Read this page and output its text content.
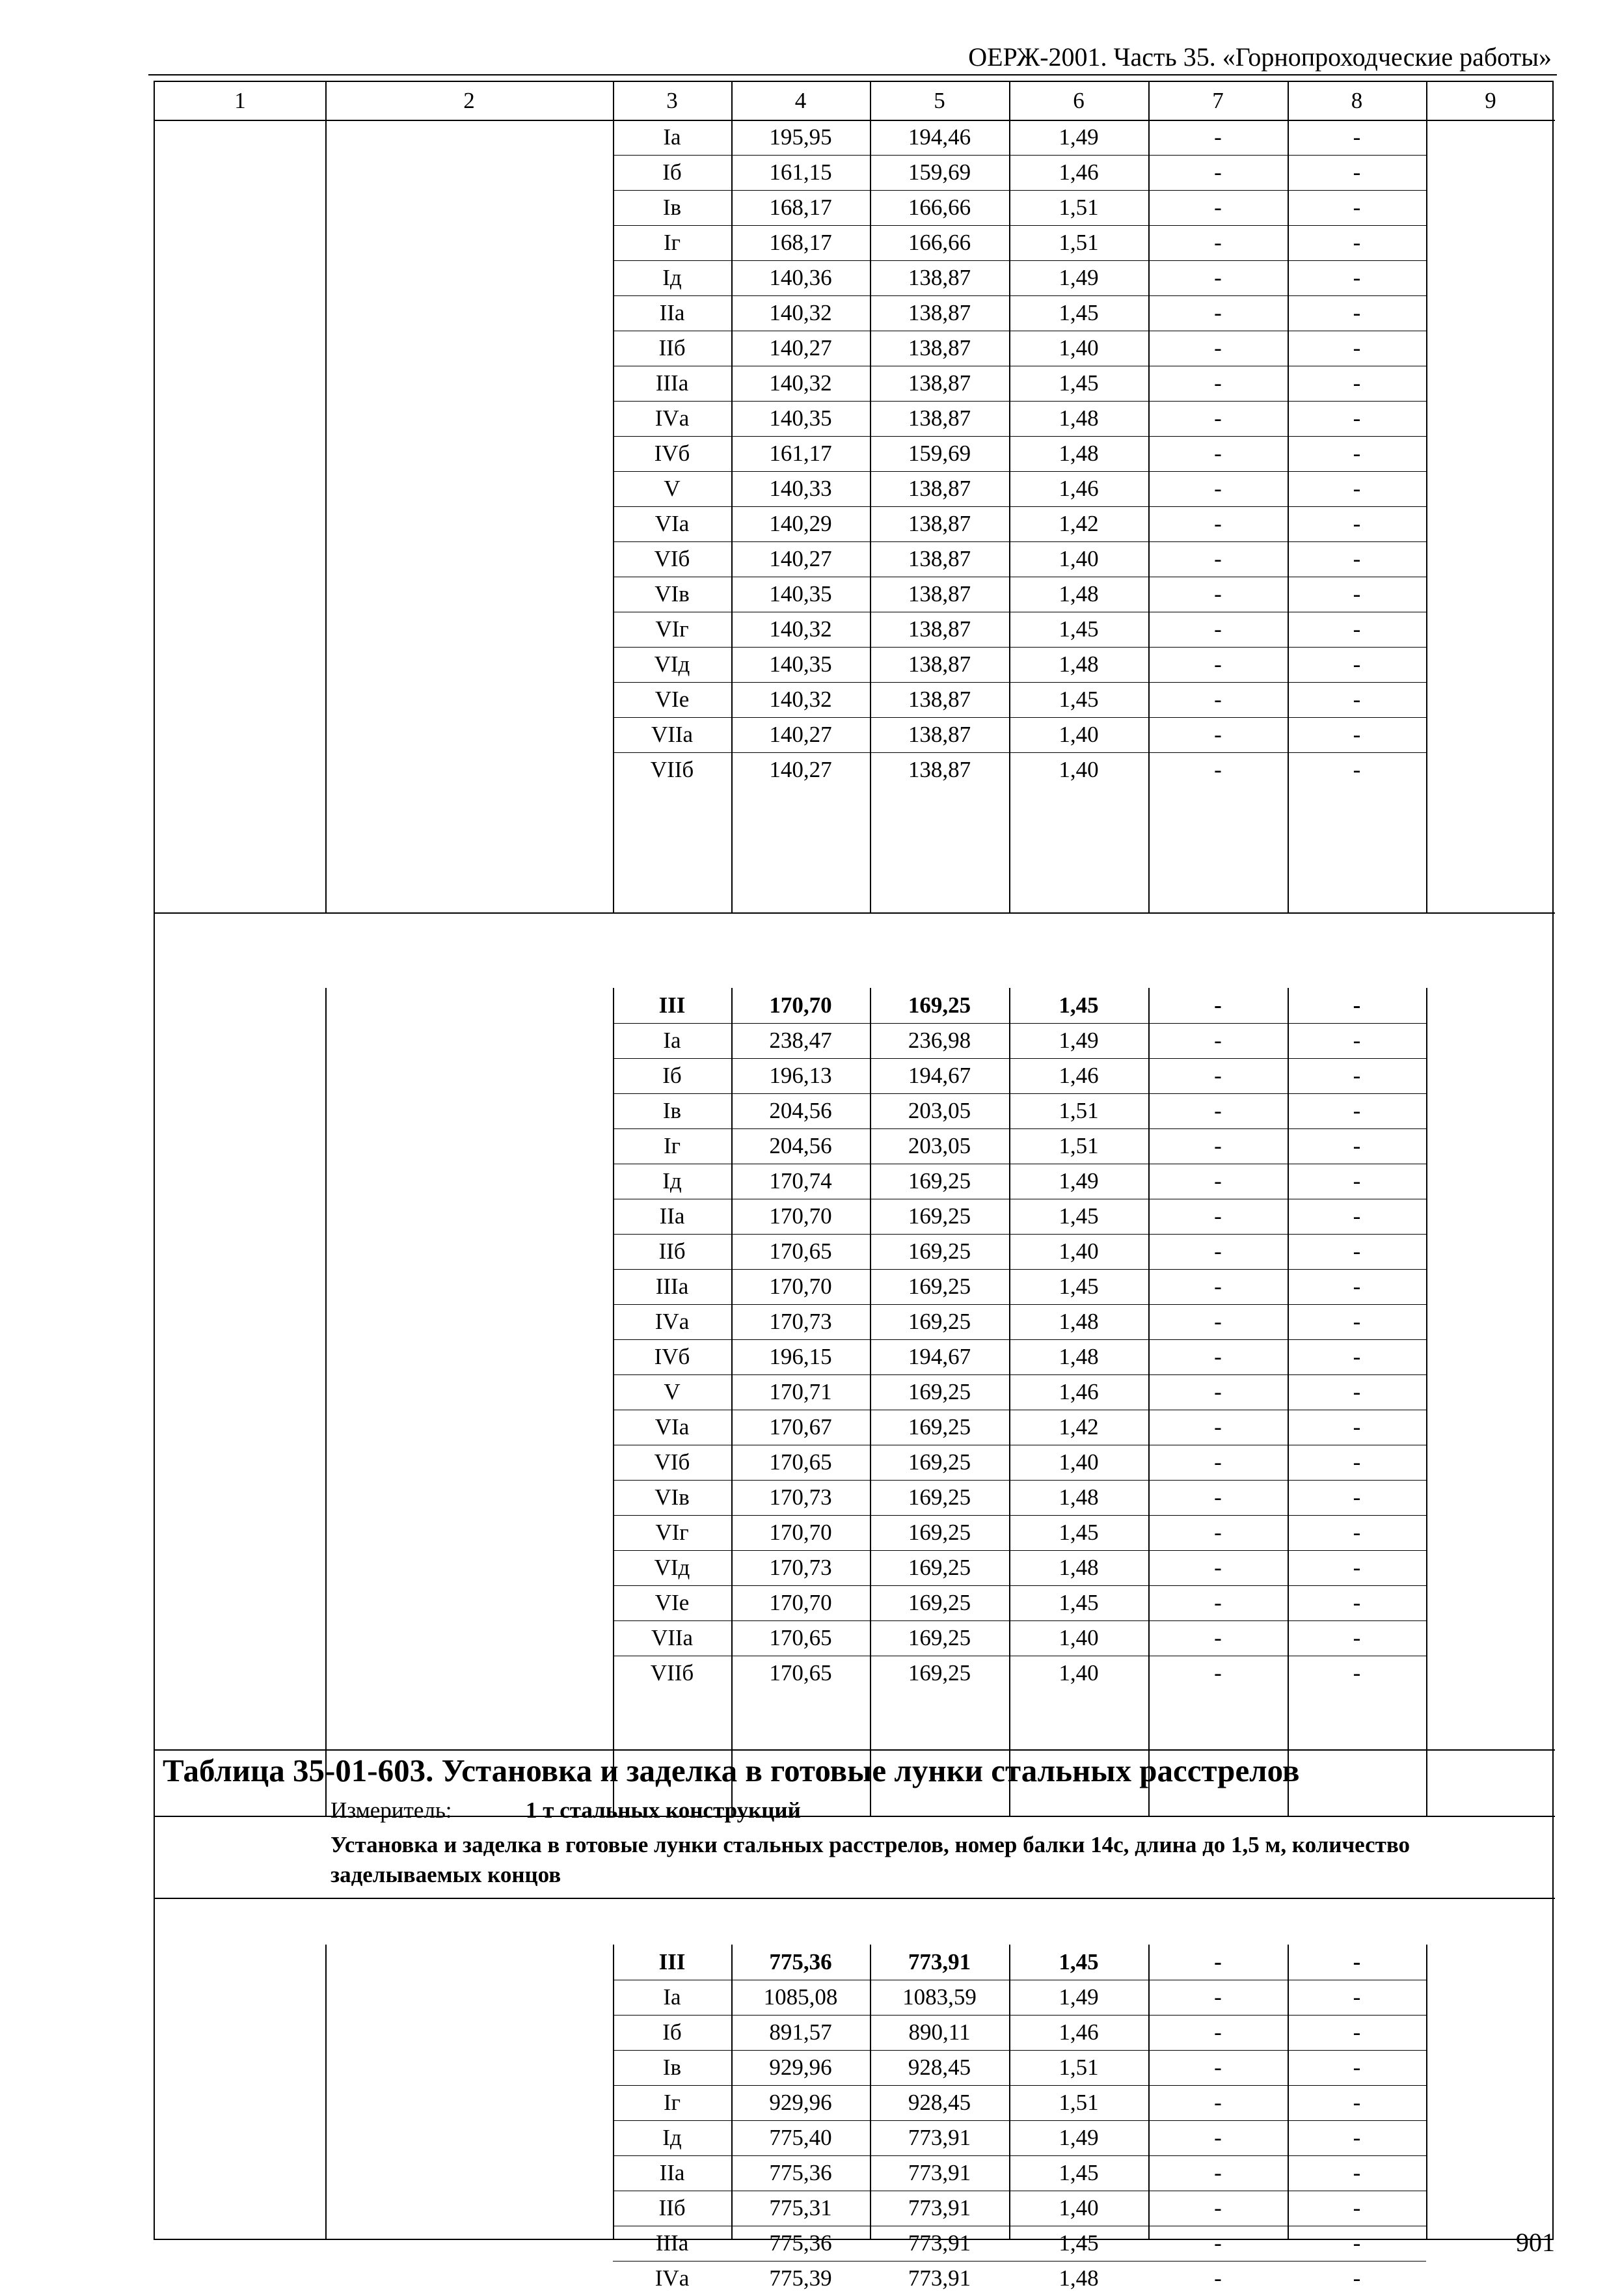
ОЕРЖ-2001. Часть 35. «Горнопроходческие работы»
Таблица 35-01-603. Установка и заделка в готовые лунки стальных расстрелов
Измеритель:	1 т стальных конструкций
Установка и заделка в готовые лунки стальных расстрелов, номер балки 14с, длина до 1,5 м, количество заделываемых концов
1	2	3	4	5	6	7	8	9
Iа	195,95	194,46	1,49	-	-
Iб	161,15	159,69	1,46	-	-
Iв	168,17	166,66	1,51	-	-
Iг	168,17	166,66	1,51	-	-
Iд	140,36	138,87	1,49	-	-
IIа	140,32	138,87	1,45	-	-
IIб	140,27	138,87	1,40	-	-
IIIа	140,32	138,87	1,45	-	-
IVа	140,35	138,87	1,48	-	-
IVб	161,17	159,69	1,48	-	-
V	140,33	138,87	1,46	-	-
VIа	140,29	138,87	1,42	-	-
VIб	140,27	138,87	1,40	-	-
VIв	140,35	138,87	1,48	-	-
VIг	140,32	138,87	1,45	-	-
VIд	140,35	138,87	1,48	-	-
VIе	140,32	138,87	1,45	-	-
VIIа	140,27	138,87	1,40	-	-
VIIб	140,27	138,87	1,40	-	-
III	170,70	169,25	1,45	-	-
Iа	238,47	236,98	1,49	-	-
Iб	196,13	194,67	1,46	-	-
Iв	204,56	203,05	1,51	-	-
Iг	204,56	203,05	1,51	-	-
Iд	170,74	169,25	1,49	-	-
IIа	170,70	169,25	1,45	-	-
IIб	170,65	169,25	1,40	-	-
IIIа	170,70	169,25	1,45	-	-
IVа	170,73	169,25	1,48	-	-
IVб	196,15	194,67	1,48	-	-
V	170,71	169,25	1,46	-	-
VIа	170,67	169,25	1,42	-	-
VIб	170,65	169,25	1,40	-	-
VIв	170,73	169,25	1,48	-	-
VIг	170,70	169,25	1,45	-	-
VIд	170,73	169,25	1,48	-	-
VIе	170,70	169,25	1,45	-	-
VIIа	170,65	169,25	1,40	-	-
VIIб	170,65	169,25	1,40	-	-
III	775,36	773,91	1,45	-	-
Iа	1085,08	1083,59	1,49	-	-
Iб	891,57	890,11	1,46	-	-
Iв	929,96	928,45	1,51	-	-
Iг	929,96	928,45	1,51	-	-
Iд	775,40	773,91	1,49	-	-
IIа	775,36	773,91	1,45	-	-
IIб	775,31	773,91	1,40	-	-
IIIа	775,36	773,91	1,45	-	-
IVа	775,39	773,91	1,48	-	-
901
